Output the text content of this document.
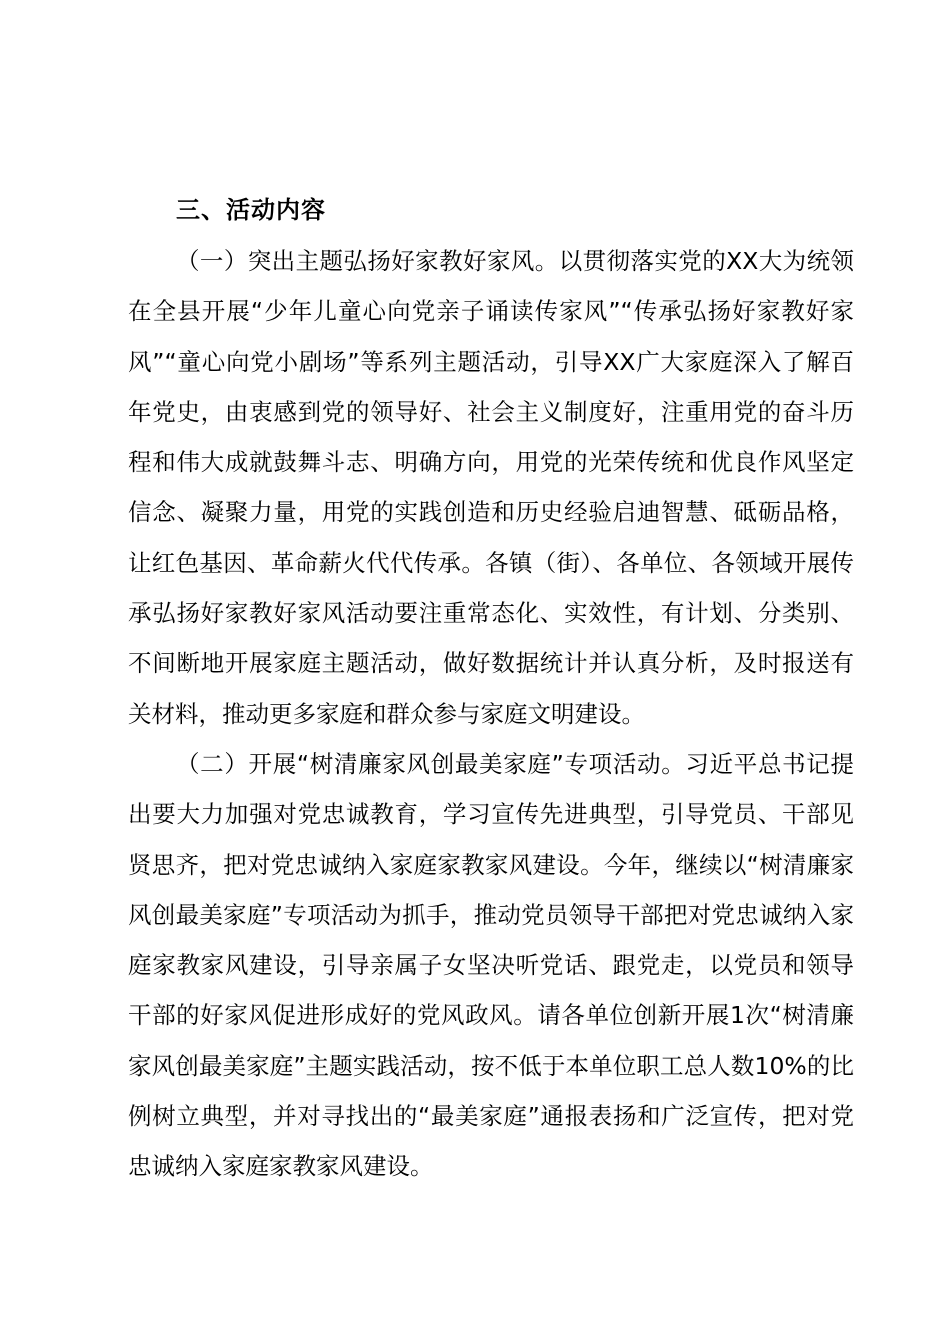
三、活动内容

（一）突出主题弘扬好家教好家风。以贯彻落实党的XX大为统领在全县开展“少年儿童心向党亲子诵读传家风”“传承弘扬好家教好家风”“童心向党小剧场”等系列主题活动，引导XX广大家庭深入了解百年党史，由衷感到党的领导好、社会主义制度好，注重用党的奋斗历程和伟大成就鼓舞斗志、明确方向，用党的光荣传统和优良作风坚定信念、凝聚力量，用党的实践创造和历史经验启迪智慧、砥砺品格，让红色基因、革命薪火代代传承。各镇（街）、各单位、各领域开展传承弘扬好家教好家风活动要注重常态化、实效性，有计划、分类别、不间断地开展家庭主题活动，做好数据统计并认真分析，及时报送有关材料，推动更多家庭和群众参与家庭文明建设。

（二）开展“树清廉家风创最美家庭”专项活动。习近平总书记提出要大力加强对党忠诚教育，学习宣传先进典型，引导党员、干部见贤思齐，把对党忠诚纳入家庭家教家风建设。今年，继续以“树清廉家风创最美家庭”专项活动为抓手，推动党员领导干部把对党忠诚纳入家庭家教家风建设，引导亲属子女坚决听党话、跟党走，以党员和领导干部的好家风促进形成好的党风政风。请各单位创新开展1次“树清廉家风创最美家庭”主题实践活动，按不低于本单位职工总人数10%的比例树立典型，并对寻找出的“最美家庭”通报表扬和广泛宣传，把对党忠诚纳入家庭家教家风建设。
